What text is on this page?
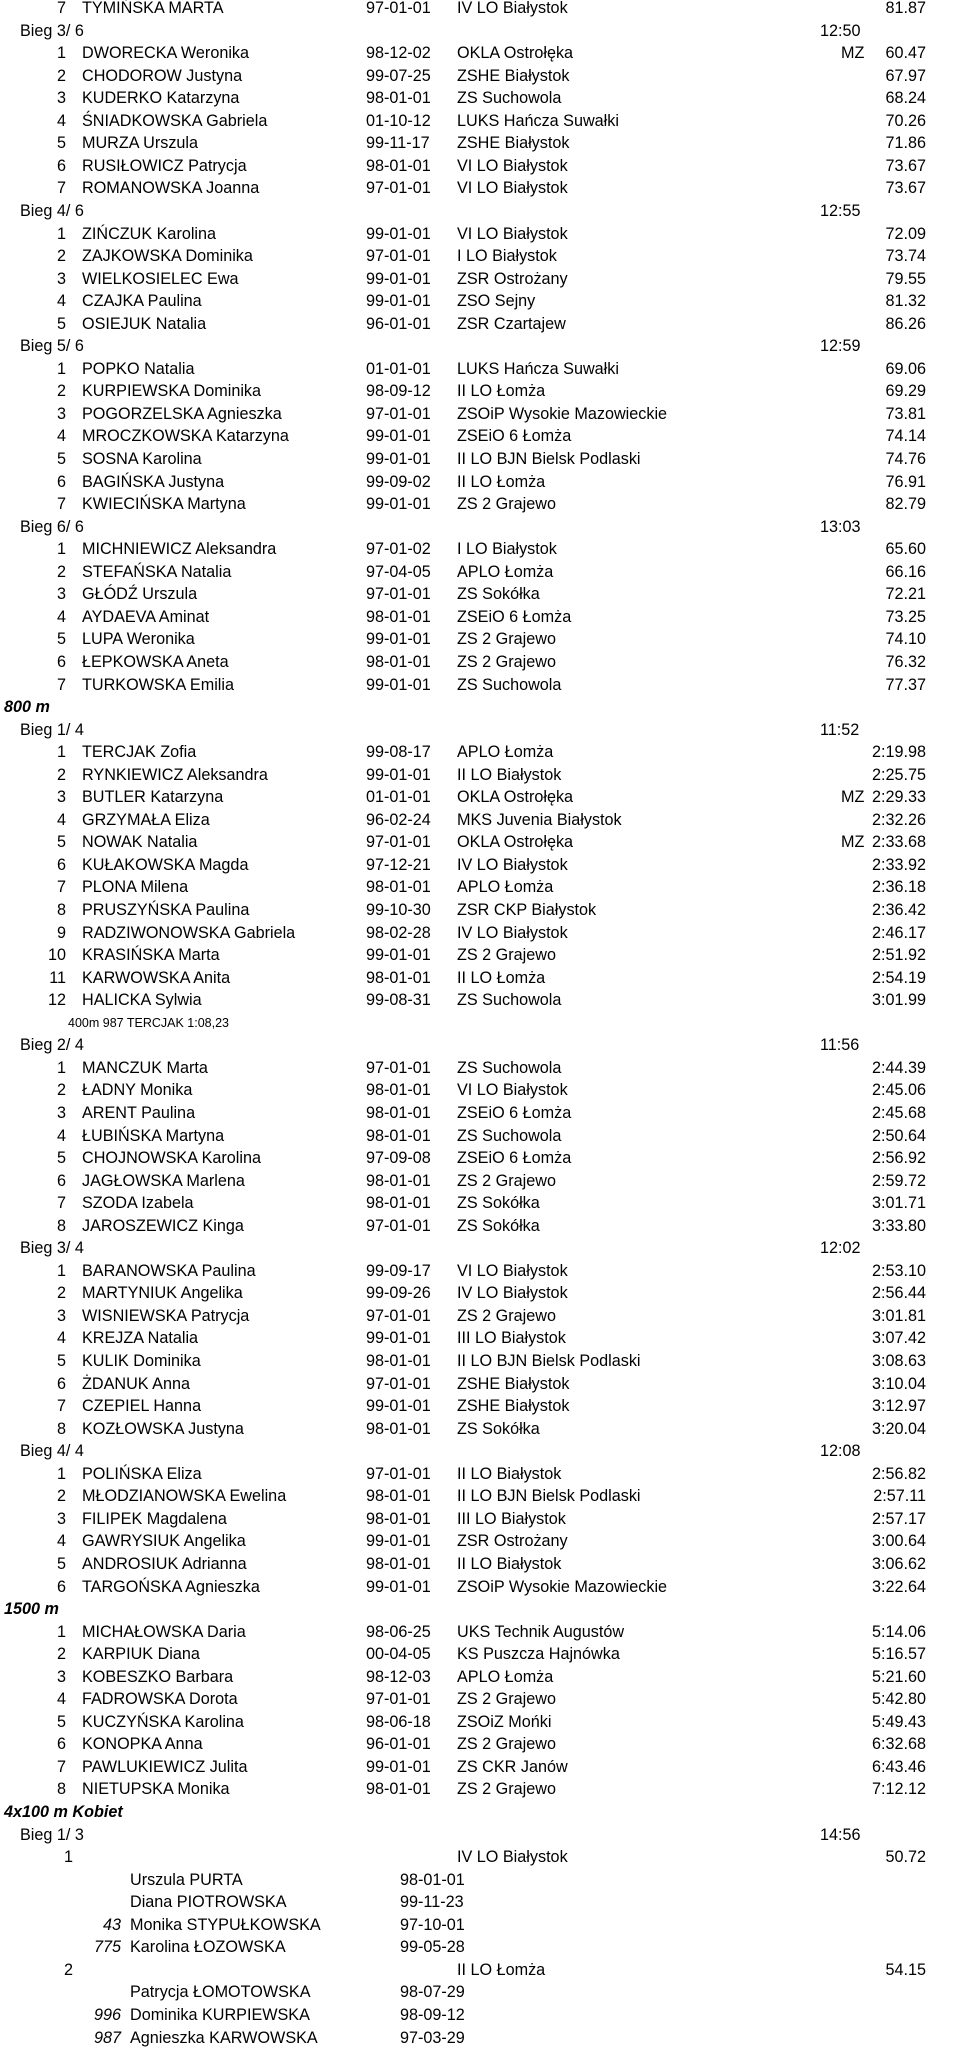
7 TYMIŃSKA MARTA	97-01-01 IV LO Białystok	81.87
Bieg 3/ 6	12:50
1 DWORECKA Weronika	98-12-02 OKLA Ostrołęka	MZ 60.47
2 CHODOROW Justyna	99-07-25 ZSHE Białystok	67.97
3 KUDERKO Katarzyna	98-01-01 ZS Suchowola	68.24
4 ŚNIADKOWSKA Gabriela	01-10-12 LUKS Hańcza Suwałki	70.26
5 MURZA Urszula	99-11-17 ZSHE Białystok	71.86
6 RUSIŁOWICZ Patrycja	98-01-01 VI LO Białystok	73.67
7 ROMANOWSKA Joanna	97-01-01 VI LO Białystok	73.67
Bieg 4/ 6	12:55
1 ZIŃCZUK Karolina	99-01-01 VI LO Białystok	72.09
2 ZAJKOWSKA Dominika	97-01-01 I LO Białystok	73.74
3 WIELKOSIELEC Ewa	99-01-01 ZSR Ostrożany	79.55
4 CZAJKA Paulina	99-01-01 ZSO Sejny	81.32
5 OSIEJUK Natalia	96-01-01 ZSR Czartajew	86.26
Bieg 5/ 6	12:59
1 POPKO Natalia	01-01-01 LUKS Hańcza Suwałki	69.06
2 KURPIEWSKA Dominika	98-09-12 II LO Łomża	69.29
3 POGORZELSKA Agnieszka	97-01-01 ZSOiP Wysokie Mazowieckie	73.81
4 MROCZKOWSKA Katarzyna	99-01-01 ZSEiO 6 Łomża	74.14
5 SOSNA Karolina	99-01-01 II LO BJN Bielsk Podlaski	74.76
6 BAGIŃSKA Justyna	99-09-02 II LO Łomża	76.91
7 KWIECIŃSKA Martyna	99-01-01 ZS 2 Grajewo	82.79
Bieg 6/ 6	13:03
1 MICHNIEWICZ Aleksandra	97-01-02 I LO Białystok	65.60
2 STEFAŃSKA Natalia	97-04-05 APLO Łomża	66.16
3 GŁÓDŹ Urszula	97-01-01 ZS Sokółka	72.21
4 AYDAEVA Aminat	98-01-01 ZSEiO 6 Łomża	73.25
5 LUPA Weronika	99-01-01 ZS 2 Grajewo	74.10
6 ŁEPKOWSKA Aneta	98-01-01 ZS 2 Grajewo	76.32
7 TURKOWSKA Emilia	99-01-01 ZS Suchowola	77.37
800 m
Bieg 1/ 4	11:52
1 TERCJAK Zofia	99-08-17 APLO Łomża	2:19.98
2 RYNKIEWICZ Aleksandra	99-01-01 II LO Białystok	2:25.75
3 BUTLER Katarzyna	01-01-01 OKLA Ostrołęka	MZ 2:29.33
4 GRZYMAŁA Eliza	96-02-24 MKS Juvenia Białystok	2:32.26
5 NOWAK Natalia	97-01-01 OKLA Ostrołęka	MZ 2:33.68
6 KUŁAKOWSKA Magda	97-12-21 IV LO Białystok	2:33.92
7 PLONA Milena	98-01-01 APLO Łomża	2:36.18
8 PRUSZYŃSKA Paulina	99-10-30 ZSR CKP Białystok	2:36.42
9 RADZIWONOWSKA Gabriela	98-02-28 IV LO Białystok	2:46.17
10 KRASIŃSKA Marta	99-01-01 ZS 2 Grajewo	2:51.92
11 KARWOWSKA Anita	98-01-01 II LO Łomża	2:54.19
12 HALICKA Sylwia	99-08-31 ZS Suchowola	3:01.99
400m 987 TERCJAK 1:08,23
Bieg 2/ 4	11:56
1 MANCZUK Marta	97-01-01 ZS Suchowola	2:44.39
2 ŁADNY Monika	98-01-01 VI LO Białystok	2:45.06
3 ARENT Paulina	98-01-01 ZSEiO 6 Łomża	2:45.68
4 ŁUBIŃSKA Martyna	98-01-01 ZS Suchowola	2:50.64
5 CHOJNOWSKA Karolina	97-09-08 ZSEiO 6 Łomża	2:56.92
6 JAGŁOWSKA Marlena	98-01-01 ZS 2 Grajewo	2:59.72
7 SZODA Izabela	98-01-01 ZS Sokółka	3:01.71
8 JAROSZEWICZ Kinga	97-01-01 ZS Sokółka	3:33.80
Bieg 3/ 4	12:02
1 BARANOWSKA Paulina	99-09-17 VI LO Białystok	2:53.10
2 MARTYNIUK Angelika	99-09-26 IV LO Białystok	2:56.44
3 WISNIEWSKA Patrycja	97-01-01 ZS 2 Grajewo	3:01.81
4 KREJZA Natalia	99-01-01 III LO Białystok	3:07.42
5 KULIK Dominika	98-01-01 II LO BJN Bielsk Podlaski	3:08.63
6 ŻDANUK Anna	97-01-01 ZSHE Białystok	3:10.04
7 CZEPIEL Hanna	99-01-01 ZSHE Białystok	3:12.97
8 KOZŁOWSKA Justyna	98-01-01 ZS Sokółka	3:20.04
Bieg 4/ 4	12:08
1 POLIŃSKA Eliza	97-01-01 II LO Białystok	2:56.82
2 MŁODZIANOWSKA Ewelina	98-01-01 II LO BJN Bielsk Podlaski	2:57.11
3 FILIPEK Magdalena	98-01-01 III LO Białystok	2:57.17
4 GAWRYSIUK Angelika	99-01-01 ZSR Ostrożany	3:00.64
5 ANDROSIUK Adrianna	98-01-01 II LO Białystok	3:06.62
6 TARGOŃSKA Agnieszka	99-01-01 ZSOiP Wysokie Mazowieckie	3:22.64
1500 m
1 MICHAŁOWSKA Daria	98-06-25 UKS Technik Augustów	5:14.06
2 KARPIUK Diana	00-04-05 KS Puszcza Hajnówka	5:16.57
3 KOBESZKO Barbara	98-12-03 APLO Łomża	5:21.60
4 FADROWSKA Dorota	97-01-01 ZS 2 Grajewo	5:42.80
5 KUCZYŃSKA Karolina	98-06-18 ZSOiZ Mońki	5:49.43
6 KONOPKA Anna	96-01-01 ZS 2 Grajewo	6:32.68
7 PAWLUKIEWICZ Julita	99-01-01 ZS CKR Janów	6:43.46
8 NIETUPSKA Monika	98-01-01 ZS 2 Grajewo	7:12.12
4x100 m Kobiet
Bieg 1/ 3	14:56
1	IV LO Białystok	50.72
Urszula PURTA	98-01-01
Diana PIOTROWSKA	99-11-23
43 Monika STYPUŁKOWSKA	97-10-01
775 Karolina ŁOZOWSKA	99-05-28
2	II LO Łomża	54.15
Patrycja ŁOMOTOWSKA	98-07-29
996 Dominika KURPIEWSKA	98-09-12
987 Agnieszka KARWOWSKA	97-03-29
